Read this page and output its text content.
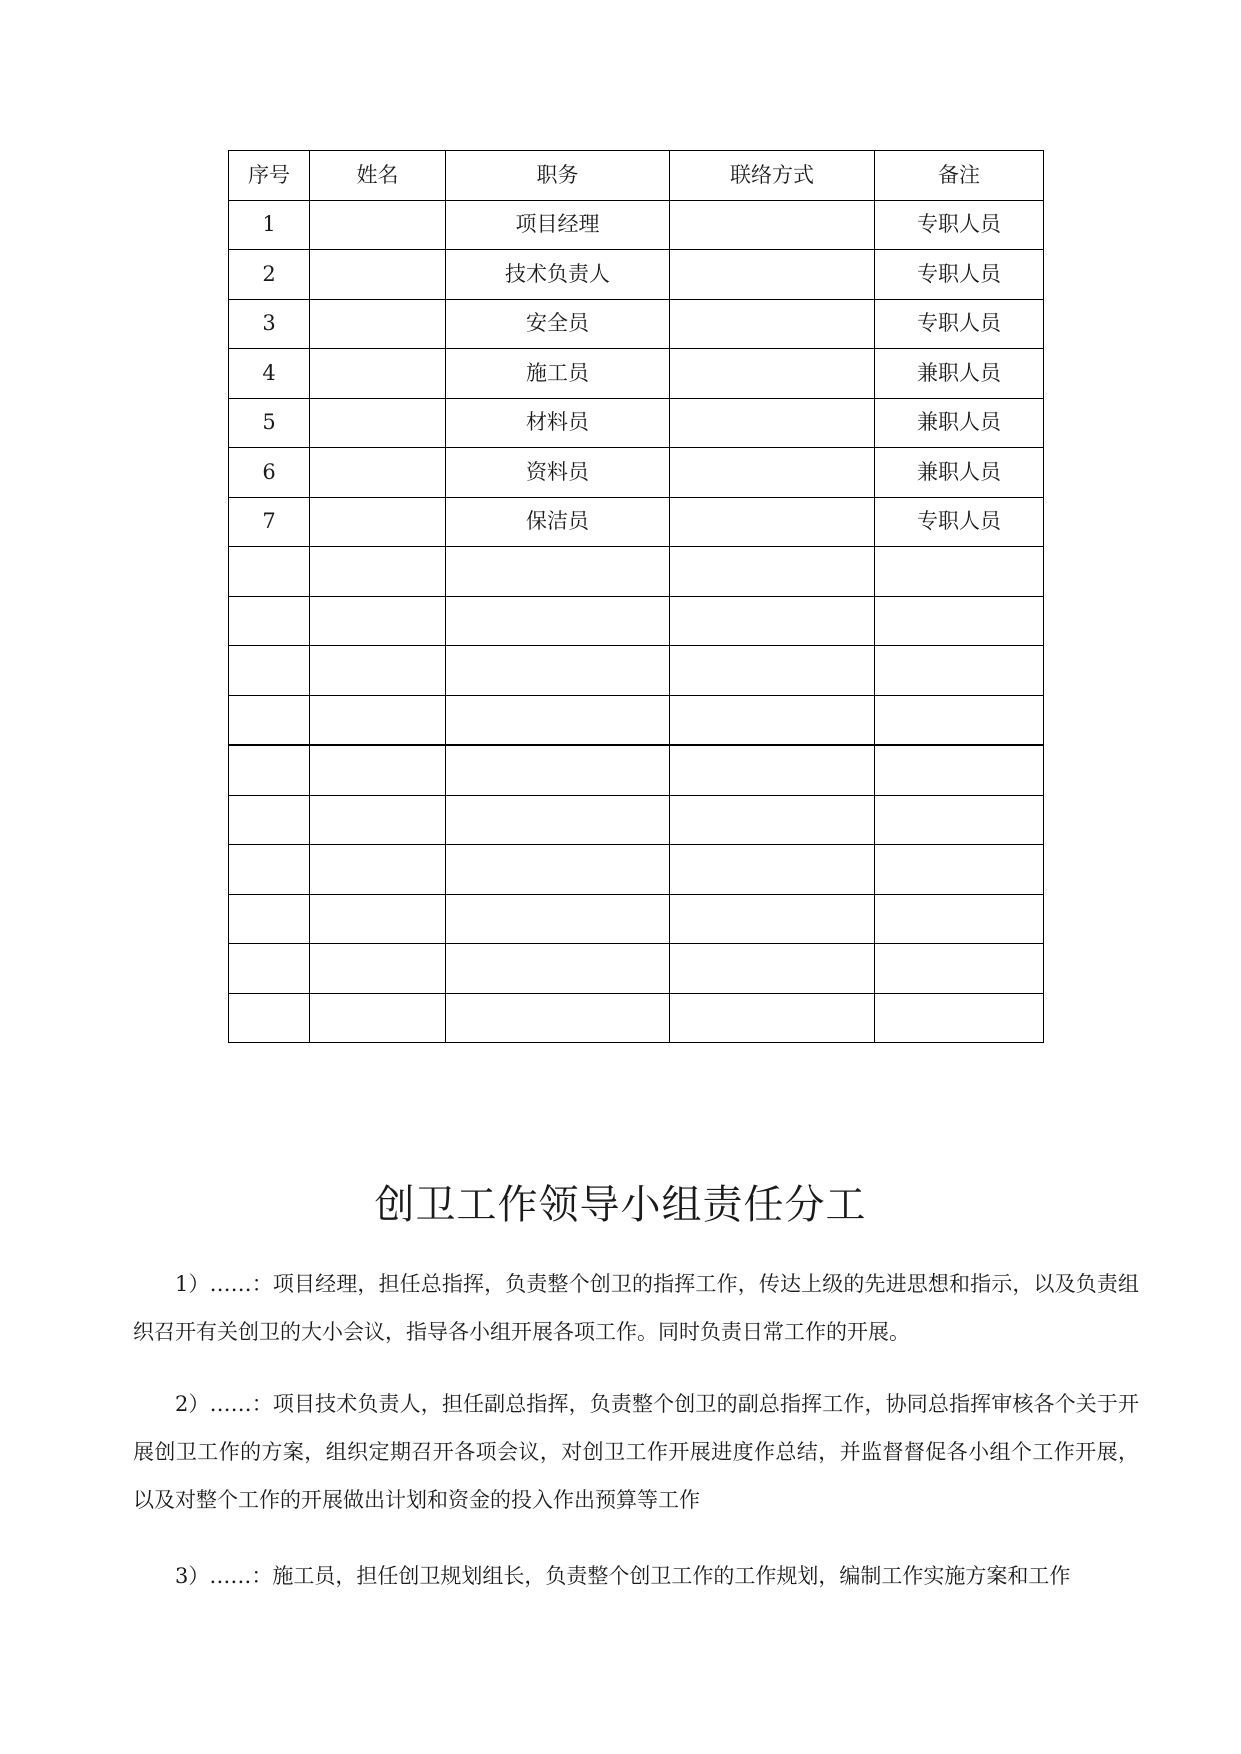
序号	姓名	职务	联络方式	备注
1		项目经理		专职人员
2		技术负责人		专职人员
3		安全员		专职人员
4		施工员		兼职人员
5		材料员		兼职人员
6		资料员		兼职人员
7		保洁员		专职人员

创卫工作领导小组责任分工

1）……：项目经理，担任总指挥，负责整个创卫的指挥工作，传达上级的先进思想和指示，以及负责组织召开有关创卫的大小会议，指导各小组开展各项工作。同时负责日常工作的开展。

2）……：项目技术负责人，担任副总指挥，负责整个创卫的副总指挥工作，协同总指挥审核各个关于开展创卫工作的方案，组织定期召开各项会议，对创卫工作开展进度作总结，并监督督促各小组个工作开展，以及对整个工作的开展做出计划和资金的投入作出预算等工作

3）……：施工员，担任创卫规划组长，负责整个创卫工作的工作规划，编制工作实施方案和工作
